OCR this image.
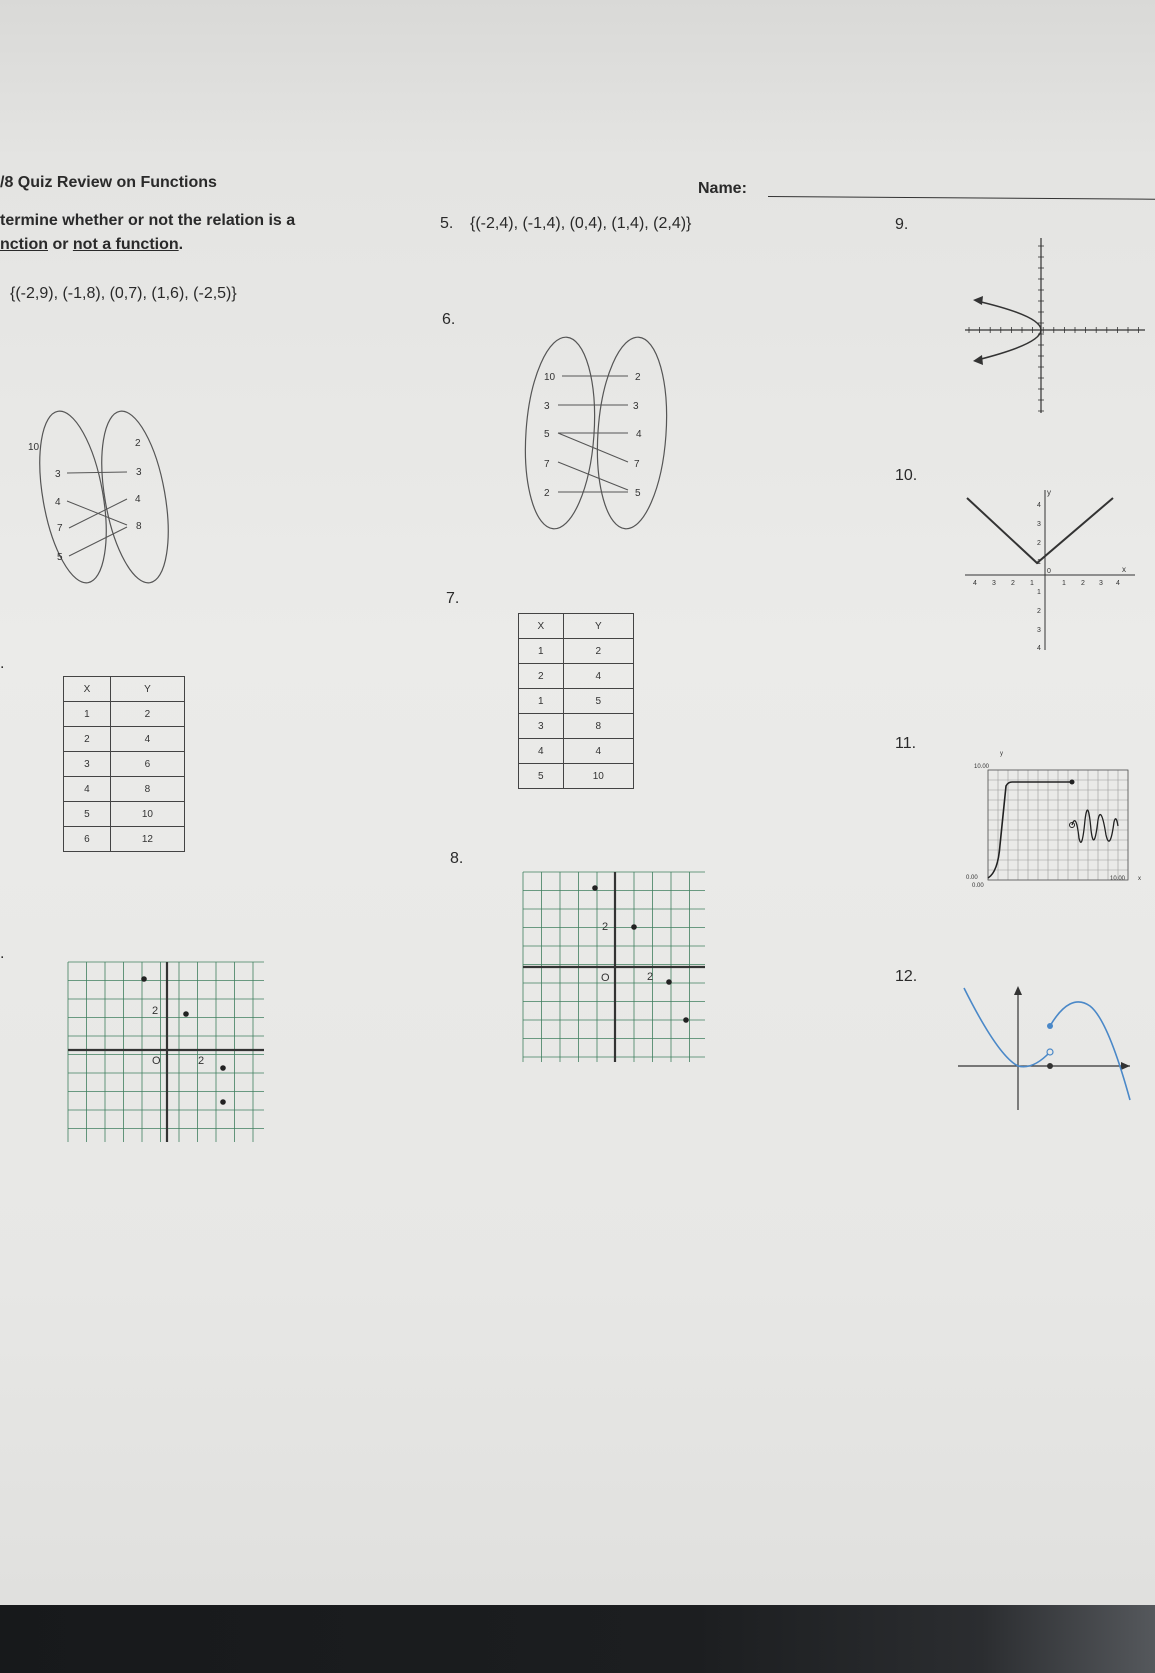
/8 Quiz Review on Functions	Name:
termine whether or not the relation is a
nction or not a function.
{(-2,9), (-1,8), (0,7), (1,6), (-2,5)}
10
3
4
7
5
2
3
4
8
.
X	Y
1	2
2	4
3	6
4	8
5	10
6	12
.
2
O	2
5. {(-2,4), (-1,4), (0,4), (1,4), (2,4)}
6.
10
3
5
7
2
2
3
4
7
5
7.
X	Y
1	2
2	4
1	5
3	8
4	4
5	10
8.
2
O	2
9.
10.
y
x
4 3 2 1
0
1 2 3 4
4
3
2
1
1
2
3
4
11.
y
10.00
0.00
0.00
10.00 x
12.
